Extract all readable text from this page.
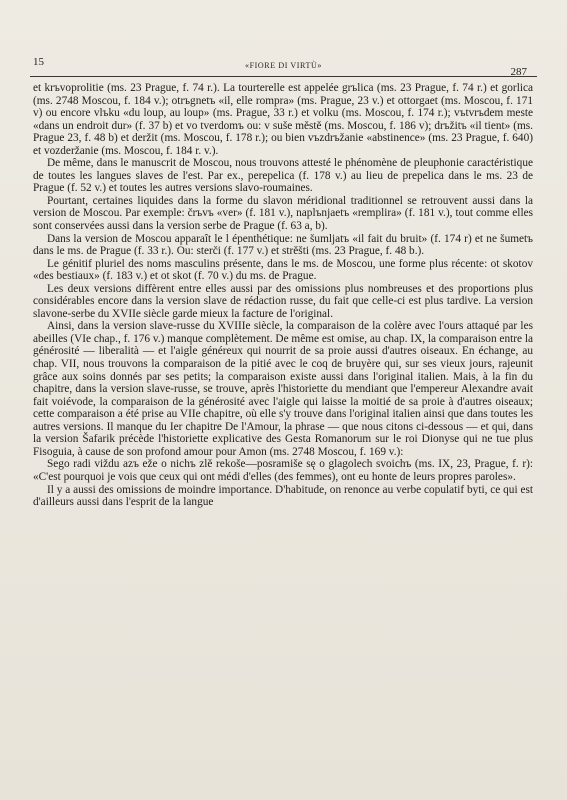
15	«FIORE DI VIRTÙ»
287

et krъvoprolitie (ms. 23 Prague, f. 74 r.). La tourterelle est appelée grъlica (ms. 23 Prague, f. 74 r.) et gorlica (ms. 2748 Moscou, f. 184 v.); otrъgnetъ «il, elle rompra» (ms. Prague, 23 v.) et ottorgaet (ms. Moscou, f. 171 v) ou encore vlъku «du loup, au loup» (ms. Prague, 33 r.) et volku (ms. Moscou, f. 174 r.); vъtvrъdem meste «dans un endroit dur» (f. 37 b) et vo tverdomъ ou: v suše městě (ms. Moscou, f. 186 v); drъžitъ «il tient» (ms. Prague 23, f. 48 b) et deržit (ms. Moscou, f. 178 r.); ou bien vъzdrъžanie «abstinence» (ms. 23 Prague, f. 640) et vozderžanie (ms. Moscou, f. 184 r. v.).

De même, dans le manuscrit de Moscou, nous trouvons attesté le phénomène de pleuphonie caractéristique de toutes les langues slaves de l'est. Par ex., perepelica (f. 178 v.) au lieu de prepelica dans le ms. 23 de Prague (f. 52 v.) et toutes les autres versions slavo-roumaines.

Pourtant, certaines liquides dans la forme du slavon méridional traditionnel se retrouvent aussi dans la version de Moscou. Par exemple: črъvъ «ver» (f. 181 v.), naplъnjaetъ «remplira» (f. 181 v.), tout comme elles sont conservées aussi dans la version serbe de Prague (f. 63 a, b).

Dans la version de Moscou apparaît le l épenthétique: ne šumljatъ «il fait du bruit» (f. 174 r) et ne šumetъ dans le ms. de Prague (f. 33 r.). Ou: sterči (f. 177 v.) et strěšti (ms. 23 Prague, f. 48 b.).

Le génitif pluriel des noms masculins présente, dans le ms. de Moscou, une forme plus récente: ot skotov «des bestiaux» (f. 183 v.) et ot skot (f. 70 v.) du ms. de Prague.

Les deux versions diffèrent entre elles aussi par des omissions plus nombreuses et des proportions plus considérables encore dans la version slave de rédaction russe, du fait que celle-ci est plus tardive. La version slavone-serbe du XVIIe siècle garde mieux la facture de l'original.

Ainsi, dans la version slave-russe du XVIIIe siècle, la comparaison de la colère avec l'ours attaqué par les abeilles (VIe chap., f. 176 v.) manque complètement. De même est omise, au chap. IX, la comparaison entre la générosité — liberalità — et l'aigle généreux qui nourrit de sa proie aussi d'autres oiseaux. En échange, au chap. VII, nous trouvons la comparaison de la pitié avec le coq de bruyère qui, sur ses vieux jours, rajeunit grâce aux soins donnés par ses petits; la comparaison existe aussi dans l'original italien. Mais, à la fin du chapitre, dans la version slave-russe, se trouve, après l'historiette du mendiant que l'empereur Alexandre avait fait voiévode, la comparaison de la générosité avec l'aigle qui laisse la moitié de sa proie à d'autres oiseaux; cette comparaison a été prise au VIIe chapitre, où elle s'y trouve dans l'original italien ainsi que dans toutes les autres versions. Il manque du Ier chapitre De l'Amour, la phrase — que nous citons ci-dessous — et qui, dans la version Šafarik précède l'historiette explicative des Gesta Romanorum sur le roi Dionyse qui ne tue plus Fisoguia, à cause de son profond amour pour Amon (ms. 2748 Moscou, f. 169 v.):

Sego radi viždu azъ eže o nichъ zlě rekoše—posramiše sę o glagolech svoichъ (ms. IX, 23, Prague, f. r): «C'est pourquoi je vois que ceux qui ont médi d'elles (des femmes), ont eu honte de leurs propres paroles».

Il y a aussi des omissions de moindre importance. D'habitude, on renonce au verbe copulatif byti, ce qui est d'ailleurs aussi dans l'esprit de la langue
